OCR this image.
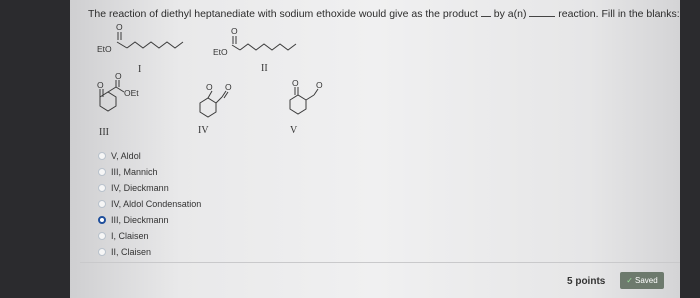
The reaction of diethyl heptanediate with sodium ethoxide would give as the product by a(n)	reaction. Fill in the blanks:
EtO
O
EtO
O
O
O
OEt
O O	O O
I	II
III	IV	V
V, Aldol
III, Mannich
IV, Dieckmann
IV, Aldol Condensation
III, Dieckmann
I, Claisen
II, Claisen
5 points	✓ Saved
